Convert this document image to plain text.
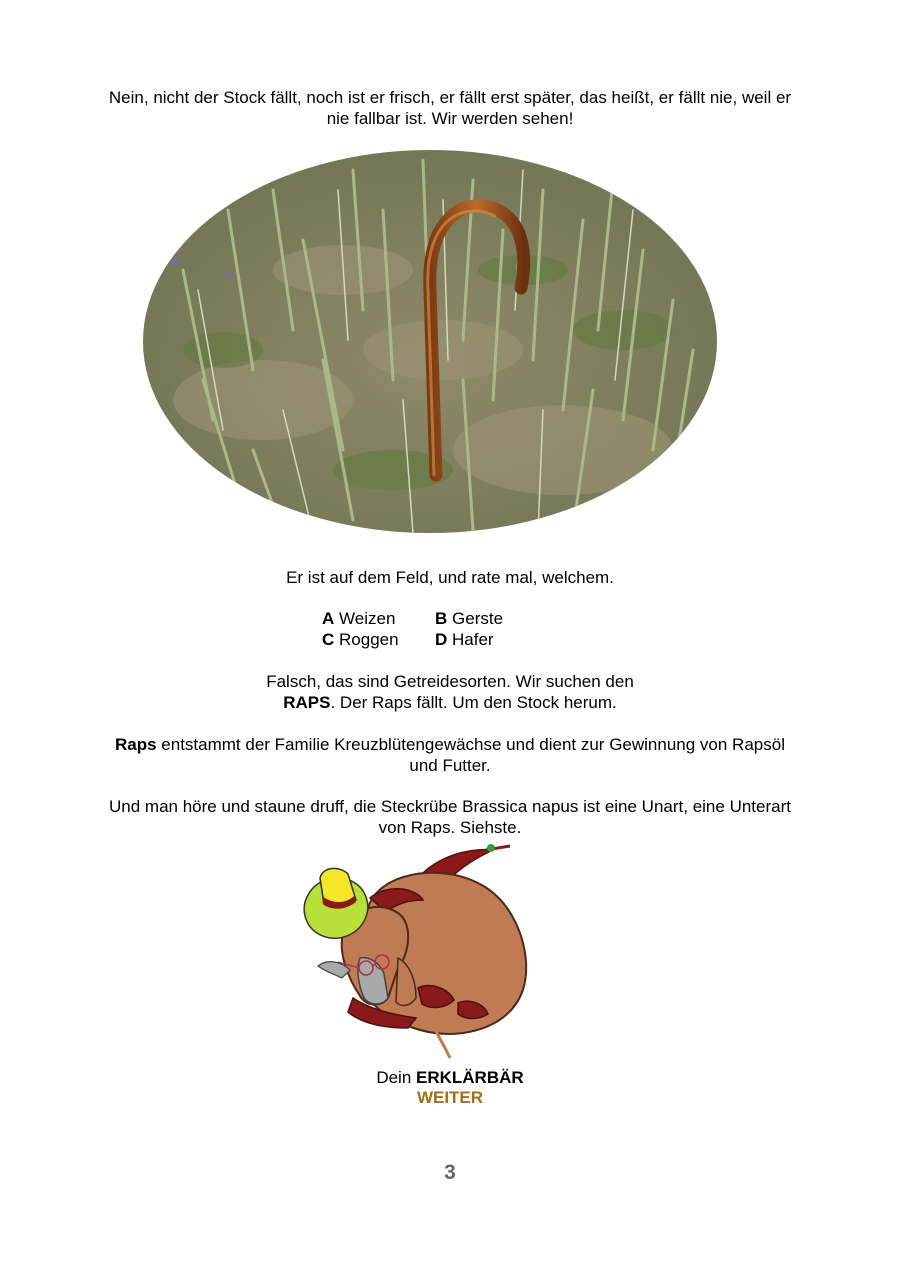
Nein, nicht der Stock fällt, noch ist er frisch, er fällt erst später, das heißt, er fällt nie, weil er
nie fallbar ist. Wir werden sehen!
Er ist auf dem Feld, und rate mal, welchem.
A Weizen B Gerste
C Roggen D Hafer
Falsch, das sind Getreidesorten. Wir suchen den
RAPS. Der Raps fällt. Um den Stock herum.
Raps entstammt der Familie Kreuzblütengewächse und dient zur Gewinnung von Rapsöl
und Futter.
Und man höre und staune druff, die Steckrübe Brassica napus ist eine Unart, eine Unterart
von Raps. Siehste.
Dein ERKLÄRBÄR
WEITER
3
